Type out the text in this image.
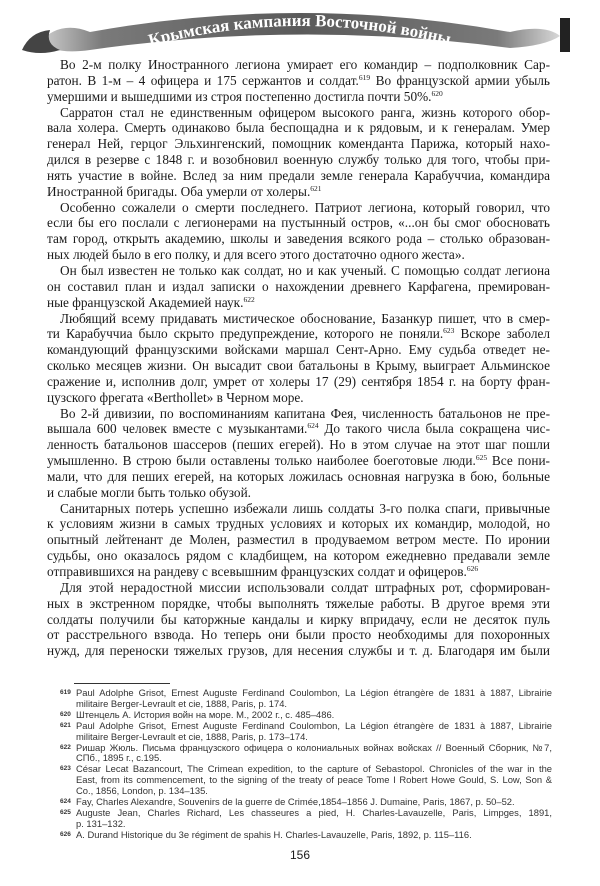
Крымская кампания Восточной войны
Во 2-м полку Иностранного легиона умирает его командир – подполковник Сар-
ратон. В 1-м – 4 офицера и 175 сержантов и солдат.$^{619}$ Во французской армии убыль
умершими и вышедшими из строя постепенно достигла почти 50%.$^{620}$
Сарратон стал не единственным офицером высокого ранга, жизнь которого обор-
вала холера. Смерть одинаково была беспощадна и к рядовым, и к генералам. Умер
генерал Ней, герцог Эльхингенский, помощник коменданта Парижа, который нахо-
дился в резерве с 1848 г. и возобновил военную службу только для того, чтобы при-
нять участие в войне. Вслед за ним предали земле генерала Карабуччиа, командира
Иностранной бригады. Оба умерли от холеры.$^{621}$
Особенно сожалели о смерти последнего. Патриот легиона, который говорил, что
если бы его послали с легионерами на пустынный остров, «...он бы смог обосновать
там город, открыть академию, школы и заведения всякого рода – столько образован-
ных людей было в его полку, и для всего этого достаточно одного жеста».
Он был известен не только как солдат, но и как ученый. С помощью солдат легиона
он составил план и издал записки о нахождении древнего Карфагена, премирован-
ные французской Академией наук.$^{622}$
Любящий всему придавать мистическое обоснование, Базанкур пишет, что в смер-
ти Карабуччиа было скрыто предупреждение, которого не поняли.$^{623}$ Вскоре заболел
командующий французскими войсками маршал Сент-Арно. Ему судьба отведет не-
сколько месяцев жизни. Он высадит свои батальоны в Крыму, выиграет Альминское
сражение и, исполнив долг, умрет от холеры 17 (29) сентября 1854 г. на борту фран-
цузского фрегата «Berthollet» в Черном море.
Во 2-й дивизии, по воспоминаниям капитана Фея, численность батальонов не пре-
вышала 600 человек вместе с музыкантами.$^{624}$ До такого числа была сокращена чис-
ленность батальонов шассеров (пеших егерей). Но в этом случае на этот шаг пошли
умышленно. В строю были оставлены только наиболее боеготовые люди.$^{625}$ Все пони-
мали, что для пеших егерей, на которых ложилась основная нагрузка в бою, больные
и слабые могли быть только обузой.
Санитарных потерь успешно избежали лишь солдаты 3-го полка спаги, привычные
к условиям жизни в самых трудных условиях и которых их командир, молодой, но
опытный лейтенант де Молен, разместил в продуваемом ветром месте. По иронии
судьбы, оно оказалось рядом с кладбищем, на котором ежедневно предавали земле
отправившихся на рандеву с всевышним французских солдат и офицеров.$^{626}$
Для этой нерадостной миссии использовали солдат штрафных рот, сформирован-
ных в экстренном порядке, чтобы выполнять тяжелые работы. В другое время эти
солдаты получили бы каторжные кандалы и кирку впридачу, если не десяток пуль
от расстрельного взвода. Но теперь они были просто необходимы для похоронных
нужд, для переноски тяжелых грузов, для несения службы и т. д. Благодаря им были
619 Paul Adolphe Grisot, Ernest Auguste Ferdinand Coulombon, La Légion étrangère de 1831 à 1887, Librairie
militaire Berger-Levrault et cie, 1888, Paris, p. 174.
620 Штенцель А. История войн на море. М., 2002 г., с. 485–486.
621 Paul Adolphe Grisot, Ernest Auguste Ferdinand Coulombon, La Légion étrangère de 1831 à 1887, Librairie
militaire Berger-Levrault et cie, 1888, Paris, p. 173–174.
622 Ришар Жюль. Письма французского офицера о колониальных войнах войсках // Военный Сборник, №7,
СПб., 1895 г., с.195.
623 César Lecat Bazancourt, The Crimean expedition, to the capture of Sebastopol. Chronicles of the war in the
East, from its commencement, to the signing of the treaty of peace Tome I Robert Howe Gould, S. Low, Son &
Co., 1856, London, p. 134–135.
624 Fay, Charles Alexandre, Souvenirs de la guerre de Crimée,1854–1856 J. Dumaine, Paris, 1867, p. 50–52.
625 Auguste Jean, Charles Richard, Les chasseures a pied, H. Charles-Lavauzelle, Paris, Limpges, 1891,
p. 131–132.
626 A. Durand Historique du 3e régiment de spahis H. Charles-Lavauzelle, Paris, 1892, p. 115–116.
156
